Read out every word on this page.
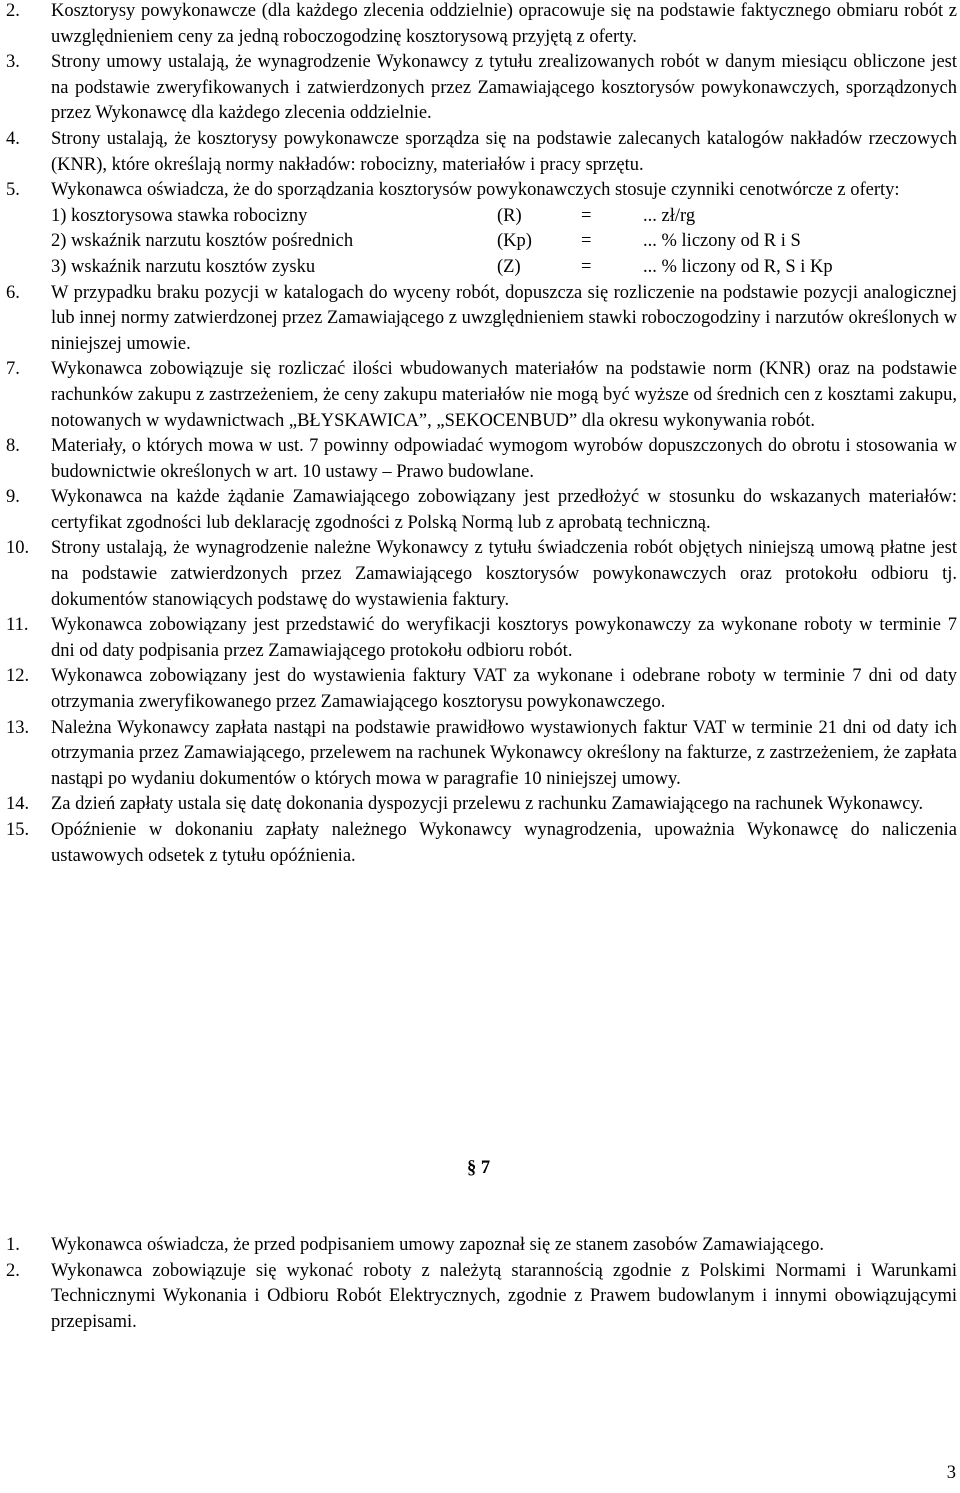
2. Kosztorysy powykonawcze (dla każdego zlecenia oddzielnie) opracowuje się na podstawie faktycznego obmiaru robót z uwzględnieniem ceny za jedną roboczogodzinę kosztorysową przyjętą z oferty.

3. Strony umowy ustalają, że wynagrodzenie Wykonawcy z tytułu zrealizowanych robót w danym miesiącu obliczone jest na podstawie zweryfikowanych i zatwierdzonych przez Zamawiającego kosztorysów powykonawczych, sporządzonych przez Wykonawcę dla każdego zlecenia oddzielnie.

4. Strony ustalają, że kosztorysy powykonawcze sporządza się na podstawie zalecanych katalogów nakładów rzeczowych (KNR), które określają normy nakładów: robocizny, materiałów i pracy sprzętu.

5. Wykonawca oświadcza, że do sporządzania kosztorysów powykonawczych stosuje czynniki cenotwórcze z oferty:
1) kosztorysowa stawka robocizny	(R)	=	... zł/rg
2) wskaźnik narzutu kosztów pośrednich	(Kp)	=	... % liczony od R i S
3) wskaźnik narzutu kosztów zysku	(Z)	=	... % liczony od R, S i Kp

6. W przypadku braku pozycji w katalogach do wyceny robót, dopuszcza się rozliczenie na podstawie pozycji analogicznej lub innej normy zatwierdzonej przez Zamawiającego z uwzględnieniem stawki roboczogodziny i narzutów określonych w niniejszej umowie.

7. Wykonawca zobowiązuje się rozliczać ilości wbudowanych materiałów na podstawie norm (KNR) oraz na podstawie rachunków zakupu z zastrzeżeniem, że ceny zakupu materiałów nie mogą być wyższe od średnich cen z kosztami zakupu, notowanych w wydawnictwach „BŁYSKAWICA”, „SEKOCENBUD” dla okresu wykonywania robót.

8. Materiały, o których mowa w ust. 7 powinny odpowiadać wymogom wyrobów dopuszczonych do obrotu i stosowania w budownictwie określonych w art. 10 ustawy – Prawo budowlane.

9. Wykonawca na każde żądanie Zamawiającego zobowiązany jest przedłożyć w stosunku do wskazanych materiałów: certyfikat zgodności lub deklarację zgodności z Polską Normą lub z aprobatą techniczną.

10. Strony ustalają, że wynagrodzenie należne Wykonawcy z tytułu świadczenia robót objętych niniejszą umową płatne jest na podstawie zatwierdzonych przez Zamawiającego kosztorysów powykonawczych oraz protokołu odbioru tj. dokumentów stanowiących podstawę do wystawienia faktury.

11. Wykonawca zobowiązany jest przedstawić do weryfikacji kosztorys powykonawczy za wykonane roboty w terminie 7 dni od daty podpisania przez Zamawiającego protokołu odbioru robót.

12. Wykonawca zobowiązany jest do wystawienia faktury VAT za wykonane i odebrane roboty w terminie 7 dni od daty otrzymania zweryfikowanego przez Zamawiającego kosztorysu powykonawczego.

13. Należna Wykonawcy zapłata nastąpi na podstawie prawidłowo wystawionych faktur VAT w terminie 21 dni od daty ich otrzymania przez Zamawiającego, przelewem na rachunek Wykonawcy określony na fakturze, z zastrzeżeniem, że zapłata nastąpi po wydaniu dokumentów o których mowa w paragrafie 10 niniejszej umowy.

14. Za dzień zapłaty ustala się datę dokonania dyspozycji przelewu z rachunku Zamawiającego na rachunek Wykonawcy.

15. Opóźnienie w dokonaniu zapłaty należnego Wykonawcy wynagrodzenia, upoważnia Wykonawcę do naliczenia ustawowych odsetek z tytułu opóźnienia.

§ 7

1. Wykonawca oświadcza, że przed podpisaniem umowy zapoznał się ze stanem zasobów Zamawiającego.

2. Wykonawca zobowiązuje się wykonać roboty z należytą starannością zgodnie z Polskimi Normami i Warunkami Technicznymi Wykonania i Odbioru Robót Elektrycznych, zgodnie z Prawem budowlanym i innymi obowiązującymi przepisami.

3
